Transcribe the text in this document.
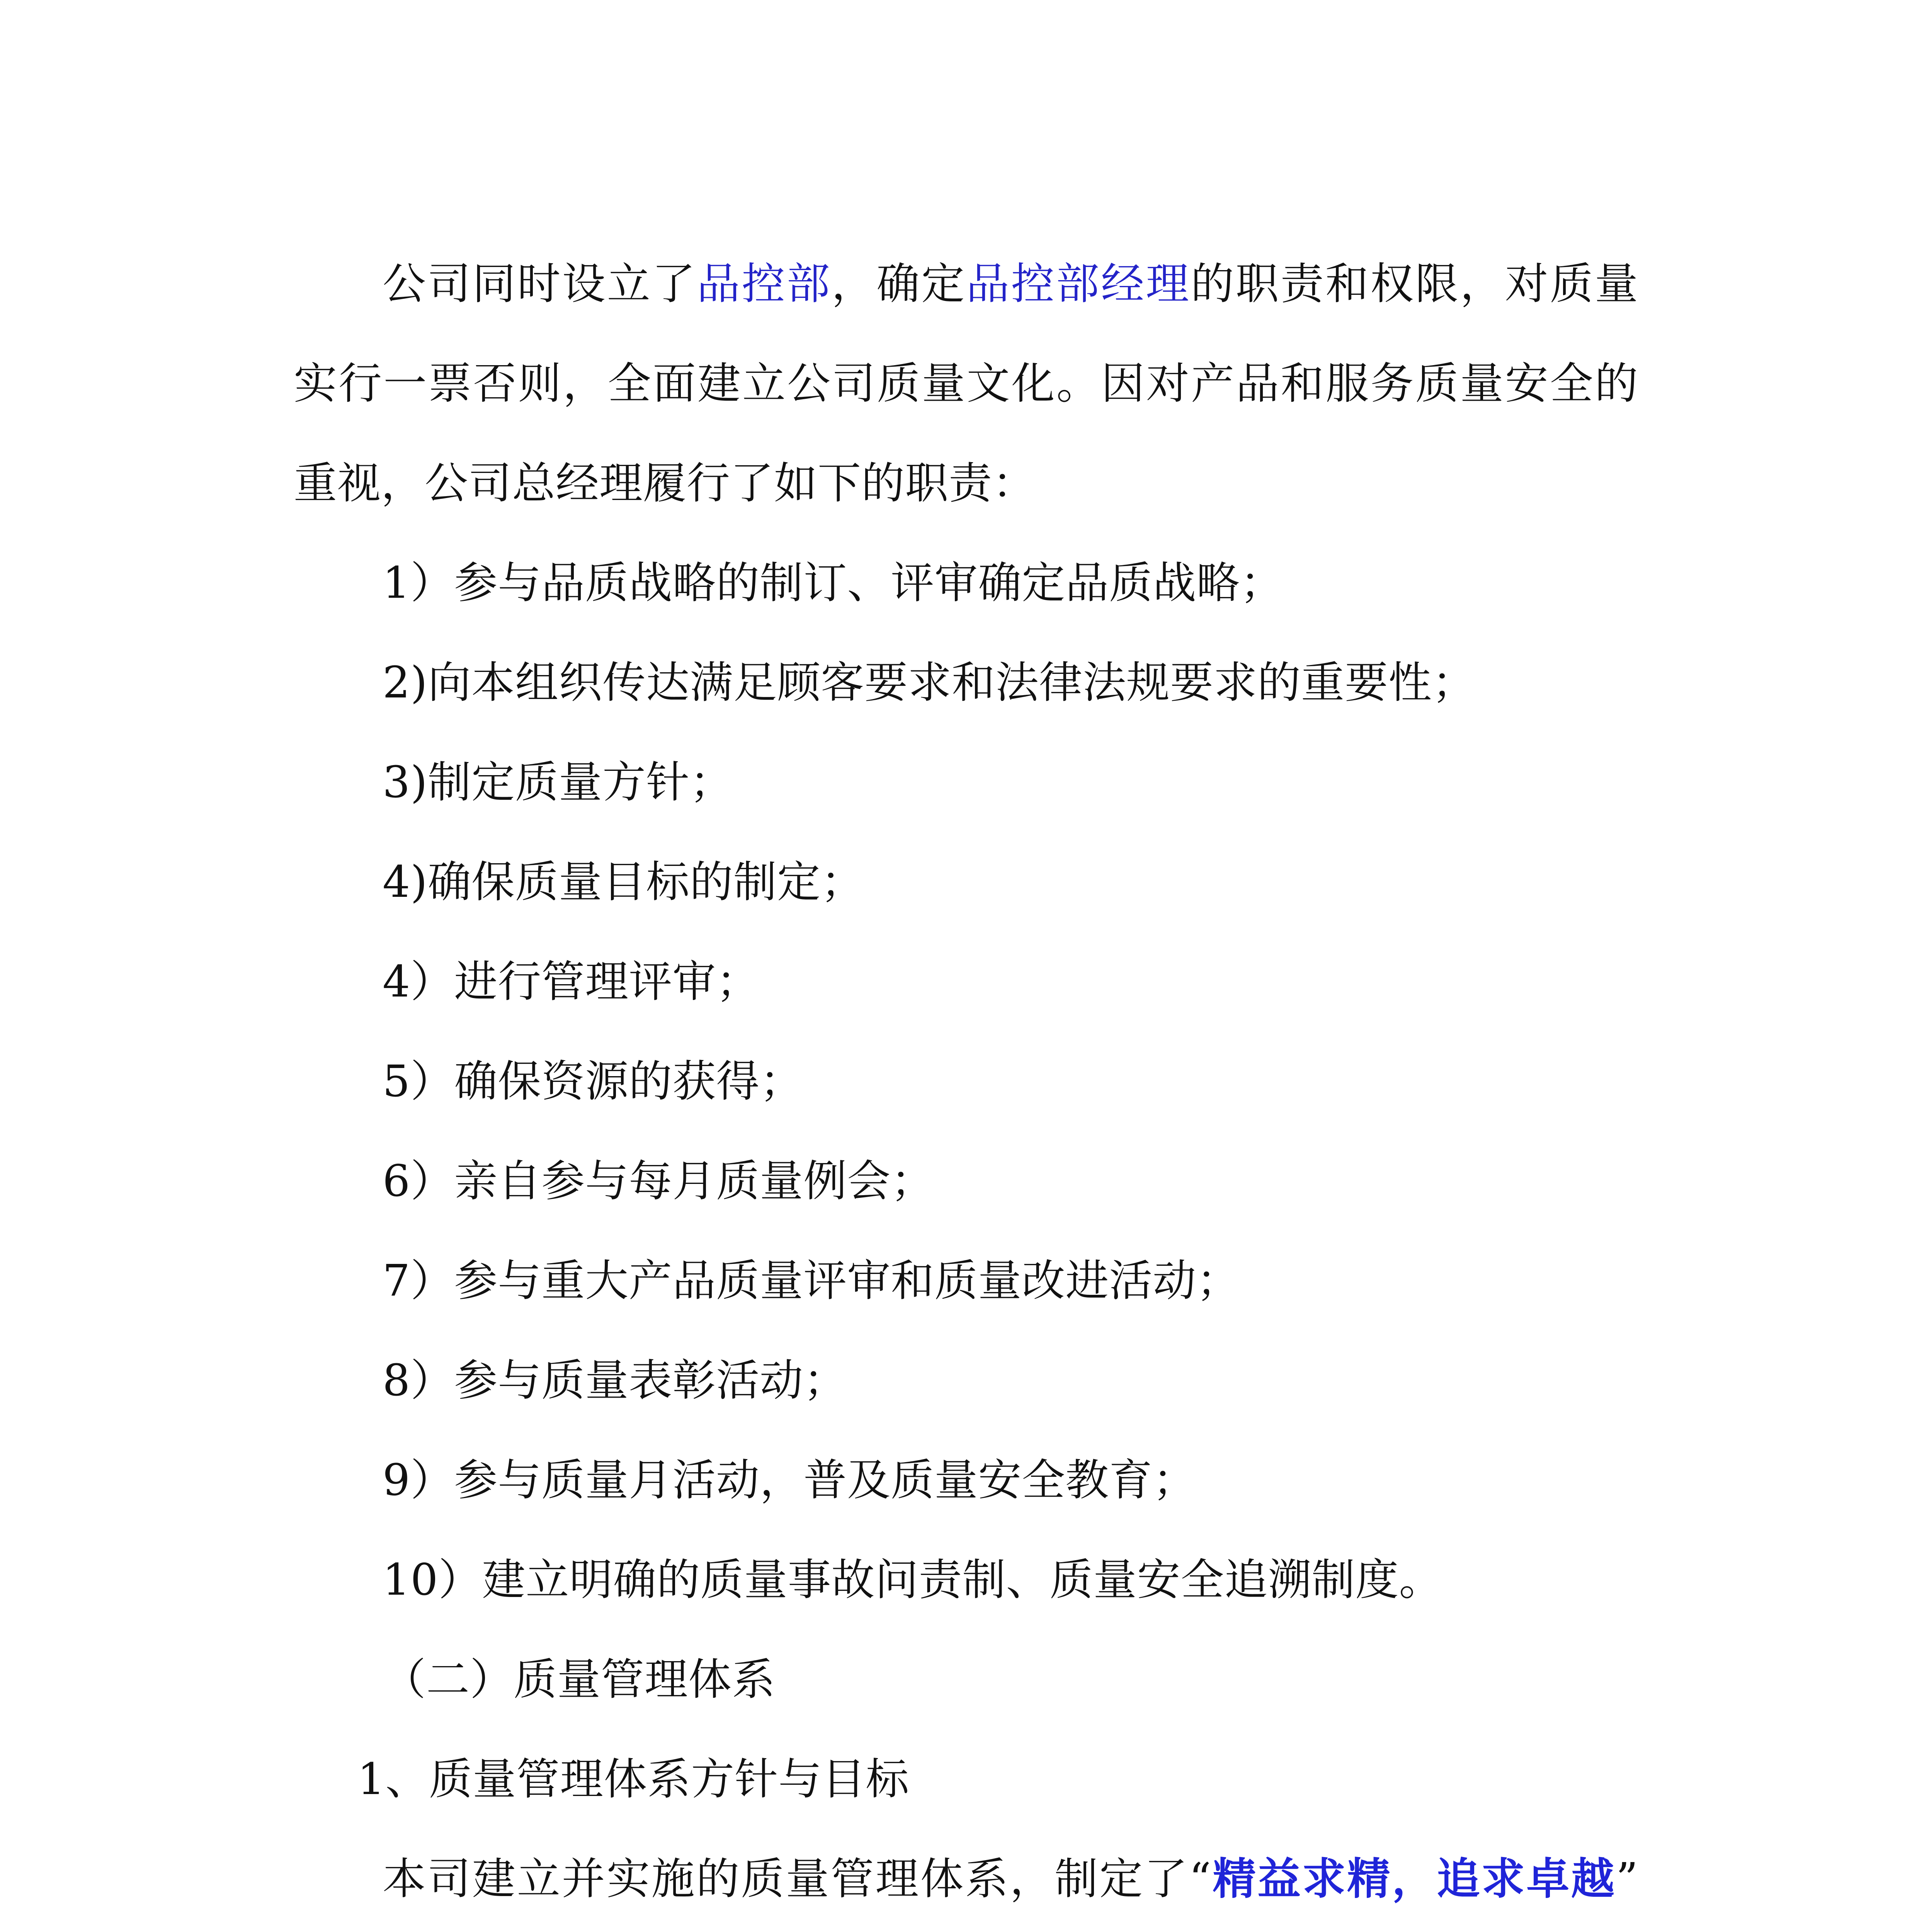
公司同时设立了品控部，确定品控部经理的职责和权限，对质量
实行一票否则，全面建立公司质量文化。因对产品和服务质量安全的
重视，公司总经理履行了如下的职责：
1）参与品质战略的制订、评审确定品质战略；
2)向本组织传达满足顾客要求和法律法规要求的重要性；
3)制定质量方针；
4)确保质量目标的制定；
4）进行管理评审；
5）确保资源的获得；
6）亲自参与每月质量例会；
7）参与重大产品质量评审和质量改进活动；
8）参与质量表彰活动；
9）参与质量月活动，普及质量安全教育；
10）建立明确的质量事故问责制、质量安全追溯制度。
（二）质量管理体系
1、质量管理体系方针与目标
本司建立并实施的质量管理体系，制定了“精益求精，追求卓越”
